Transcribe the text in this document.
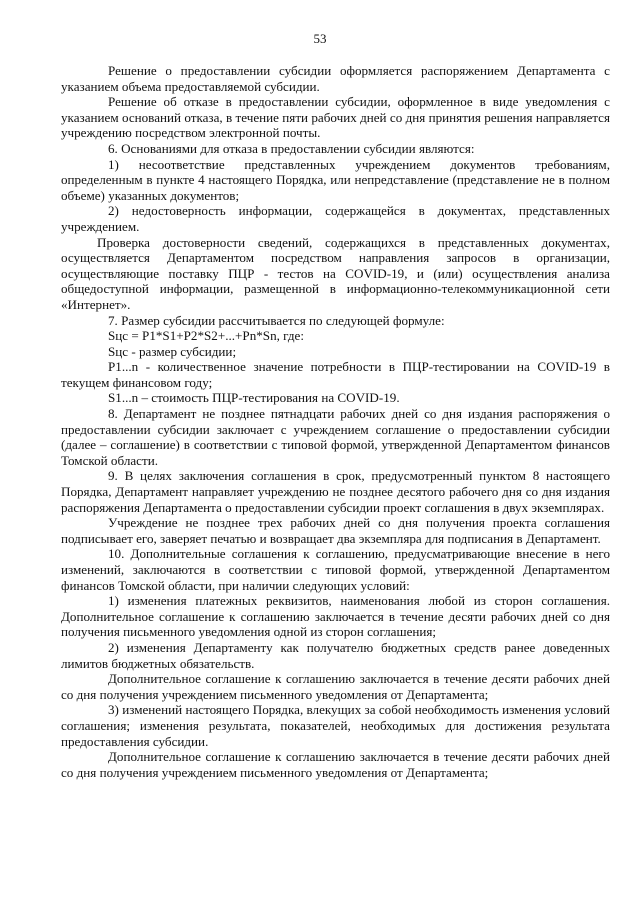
53

Решение о предоставлении субсидии оформляется распоряжением Департамента с указанием объема предоставляемой субсидии.

Решение об отказе в предоставлении субсидии, оформленное в виде уведомления с указанием оснований отказа, в течение пяти рабочих дней со дня принятия решения направляется учреждению посредством электронной почты.

6. Основаниями для отказа в предоставлении субсидии являются:

1) несоответствие представленных учреждением документов требованиям, определенным в пункте 4 настоящего Порядка, или непредставление (представление не в полном объеме) указанных документов;

2) недостоверность информации, содержащейся в документах, представленных учреждением.

Проверка достоверности сведений, содержащихся в представленных документах, осуществляется Департаментом посредством направления запросов в организации, осуществляющие поставку ПЦР - тестов на COVID-19, и (или) осуществления анализа общедоступной информации, размещенной в информационно-телекоммуникационной сети «Интернет».

7. Размер субсидии рассчитывается по следующей формуле:

Sцс = P1*S1+P2*S2+...+Pn*Sn, где:

Sцс - размер субсидии;

P1...n - количественное значение потребности в ПЦР-тестировании на COVID-19 в текущем финансовом году;

S1...n – стоимость ПЦР-тестирования на COVID-19.

8. Департамент не позднее пятнадцати рабочих дней со дня издания распоряжения о предоставлении субсидии заключает с учреждением соглашение о предоставлении субсидии (далее – соглашение) в соответствии с типовой формой, утвержденной Департаментом финансов Томской области.

9. В целях заключения соглашения в срок, предусмотренный пунктом 8 настоящего Порядка, Департамент направляет учреждению не позднее десятого рабочего дня со дня издания распоряжения Департамента о предоставлении субсидии проект соглашения в двух экземплярах.

Учреждение не позднее трех рабочих дней со дня получения проекта соглашения подписывает его, заверяет печатью и возвращает два экземпляра для подписания в Департамент.

10. Дополнительные соглашения к соглашению, предусматривающие внесение в него изменений, заключаются в соответствии с типовой формой, утвержденной Департаментом финансов Томской области, при наличии следующих условий:

1) изменения платежных реквизитов, наименования любой из сторон соглашения. Дополнительное соглашение к соглашению заключается в течение десяти рабочих дней со дня получения письменного уведомления одной из сторон соглашения;

2) изменения Департаменту как получателю бюджетных средств ранее доведенных лимитов бюджетных обязательств.

Дополнительное соглашение к соглашению заключается в течение десяти рабочих дней со дня получения учреждением письменного уведомления от Департамента;

3) изменений настоящего Порядка, влекущих за собой необходимость изменения условий соглашения; изменения результата, показателей, необходимых для достижения результата предоставления субсидии.

Дополнительное соглашение к соглашению заключается в течение десяти рабочих дней со дня получения учреждением письменного уведомления от Департамента;
